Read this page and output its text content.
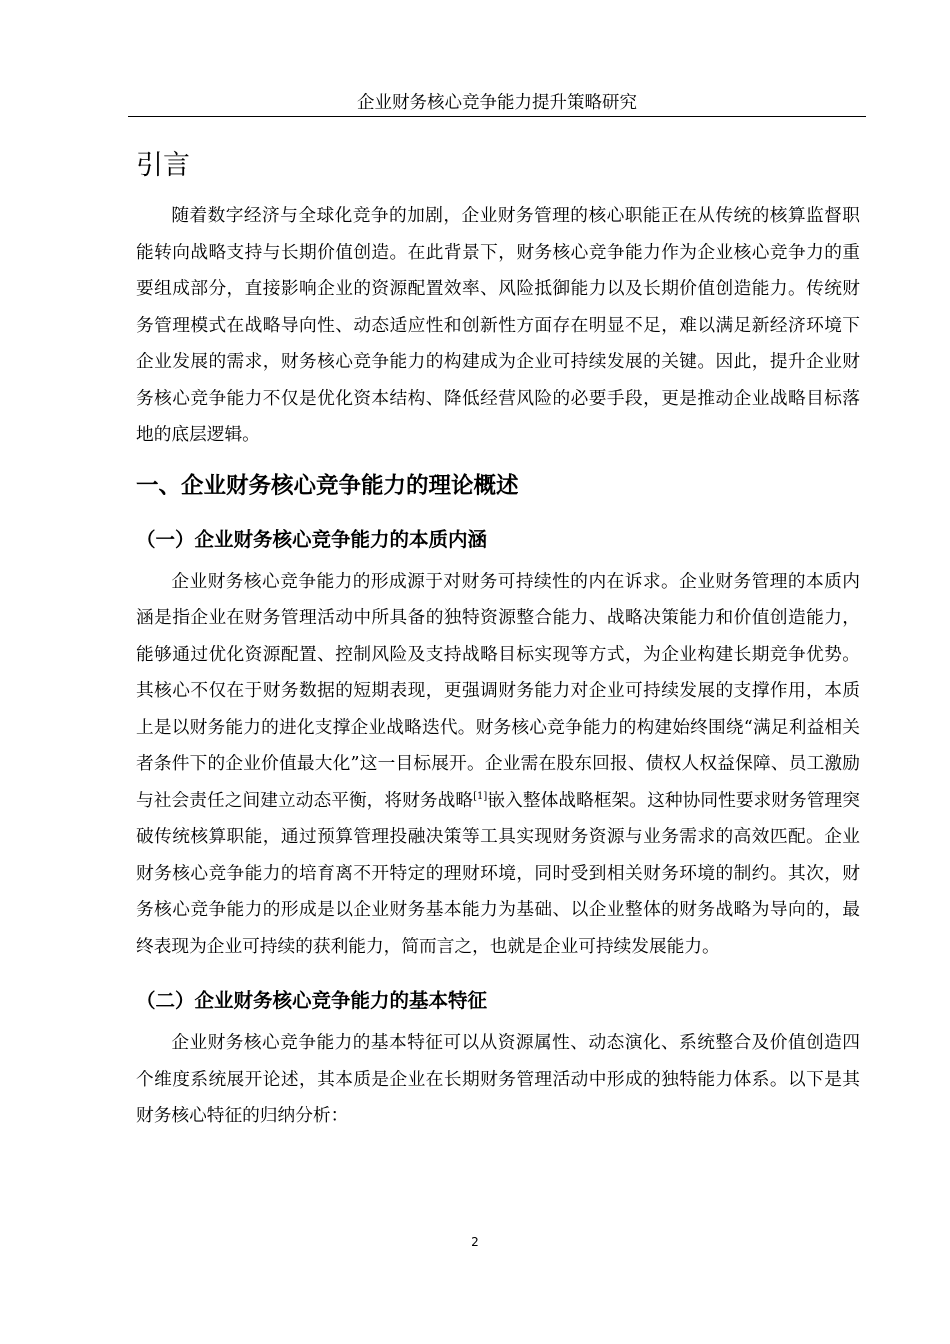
企业财务核心竞争能力提升策略研究
引言

随着数字经济与全球化竞争的加剧，企业财务管理的核心职能正在从传统的核算监督职能转向战略支持与长期价值创造。在此背景下，财务核心竞争能力作为企业核心竞争力的重要组成部分，直接影响企业的资源配置效率、风险抵御能力以及长期价值创造能力。传统财务管理模式在战略导向性、动态适应性和创新性方面存在明显不足，难以满足新经济环境下企业发展的需求，财务核心竞争能力的构建成为企业可持续发展的关键。因此，提升企业财务核心竞争能力不仅是优化资本结构、降低经营风险的必要手段，更是推动企业战略目标落地的底层逻辑。

一、企业财务核心竞争能力的理论概述
（一）企业财务核心竞争能力的本质内涵

企业财务核心竞争能力的形成源于对财务可持续性的内在诉求。企业财务管理的本质内涵是指企业在财务管理活动中所具备的独特资源整合能力、战略决策能力和价值创造能力，能够通过优化资源配置、控制风险及支持战略目标实现等方式，为企业构建长期竞争优势。其核心不仅在于财务数据的短期表现，更强调财务能力对企业可持续发展的支撑作用，本质上是以财务能力的进化支撑企业战略迭代。财务核心竞争能力的构建始终围绕“满足利益相关者条件下的企业价值最大化”这一目标展开。企业需在股东回报、债权人权益保障、员工激励与社会责任之间建立动态平衡，将财务战略[1]嵌入整体战略框架。这种协同性要求财务管理突破传统核算职能，通过预算管理投融决策等工具实现财务资源与业务需求的高效匹配。企业财务核心竞争能力的培育离不开特定的理财环境，同时受到相关财务环境的制约。其次，财务核心竞争能力的形成是以企业财务基本能力为基础、以企业整体的财务战略为导向的，最终表现为企业可持续的获利能力，简而言之，也就是企业可持续发展能力。

（二）企业财务核心竞争能力的基本特征

企业财务核心竞争能力的基本特征可以从资源属性、动态演化、系统整合及价值创造四个维度系统展开论述，其本质是企业在长期财务管理活动中形成的独特能力体系。以下是其财务核心特征的归纳分析：

2
